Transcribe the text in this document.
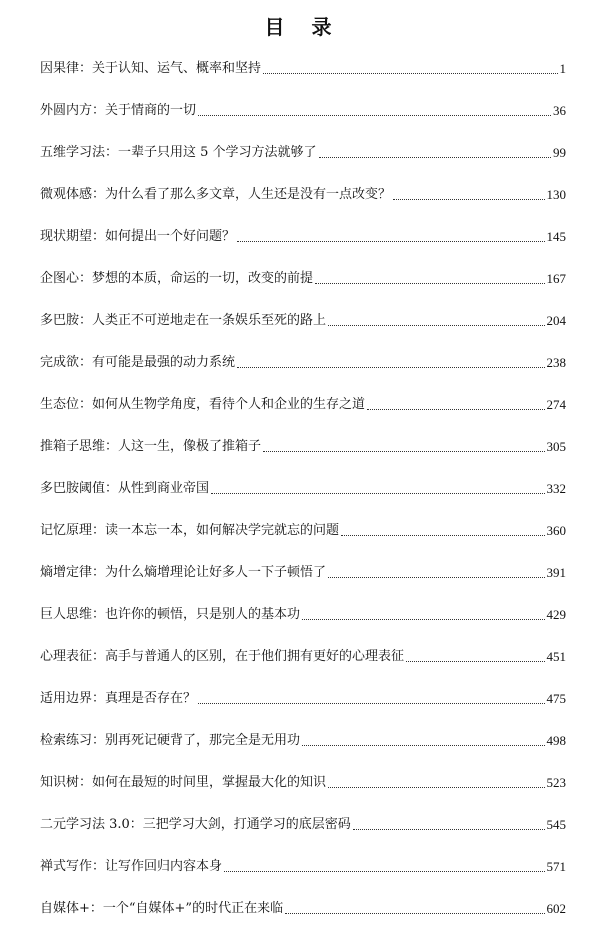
目 录
因果律：关于认知、运气、概率和坚持	1
外圆内方：关于情商的一切	36
五维学习法：一辈子只用这 5 个学习方法就够了	99
微观体感：为什么看了那么多文章，人生还是没有一点改变？	130
现状期望：如何提出一个好问题？	145
企图心：梦想的本质，命运的一切，改变的前提	167
多巴胺：人类正不可逆地走在一条娱乐至死的路上	204
完成欲：有可能是最强的动力系统	238
生态位：如何从生物学角度，看待个人和企业的生存之道	274
推箱子思维：人这一生，像极了推箱子	305
多巴胺阈值：从性到商业帝国	332
记忆原理：读一本忘一本，如何解决学完就忘的问题	360
熵增定律：为什么熵增理论让好多人一下子顿悟了	391
巨人思维：也许你的顿悟，只是别人的基本功	429
心理表征：高手与普通人的区别，在于他们拥有更好的心理表征	451
适用边界：真理是否存在？	475
检索练习：别再死记硬背了，那完全是无用功	498
知识树：如何在最短的时间里，掌握最大化的知识	523
二元学习法 3.0：三把学习大剑，打通学习的底层密码	545
禅式写作：让写作回归内容本身	571
自媒体+：一个“自媒体+”的时代正在来临	602
